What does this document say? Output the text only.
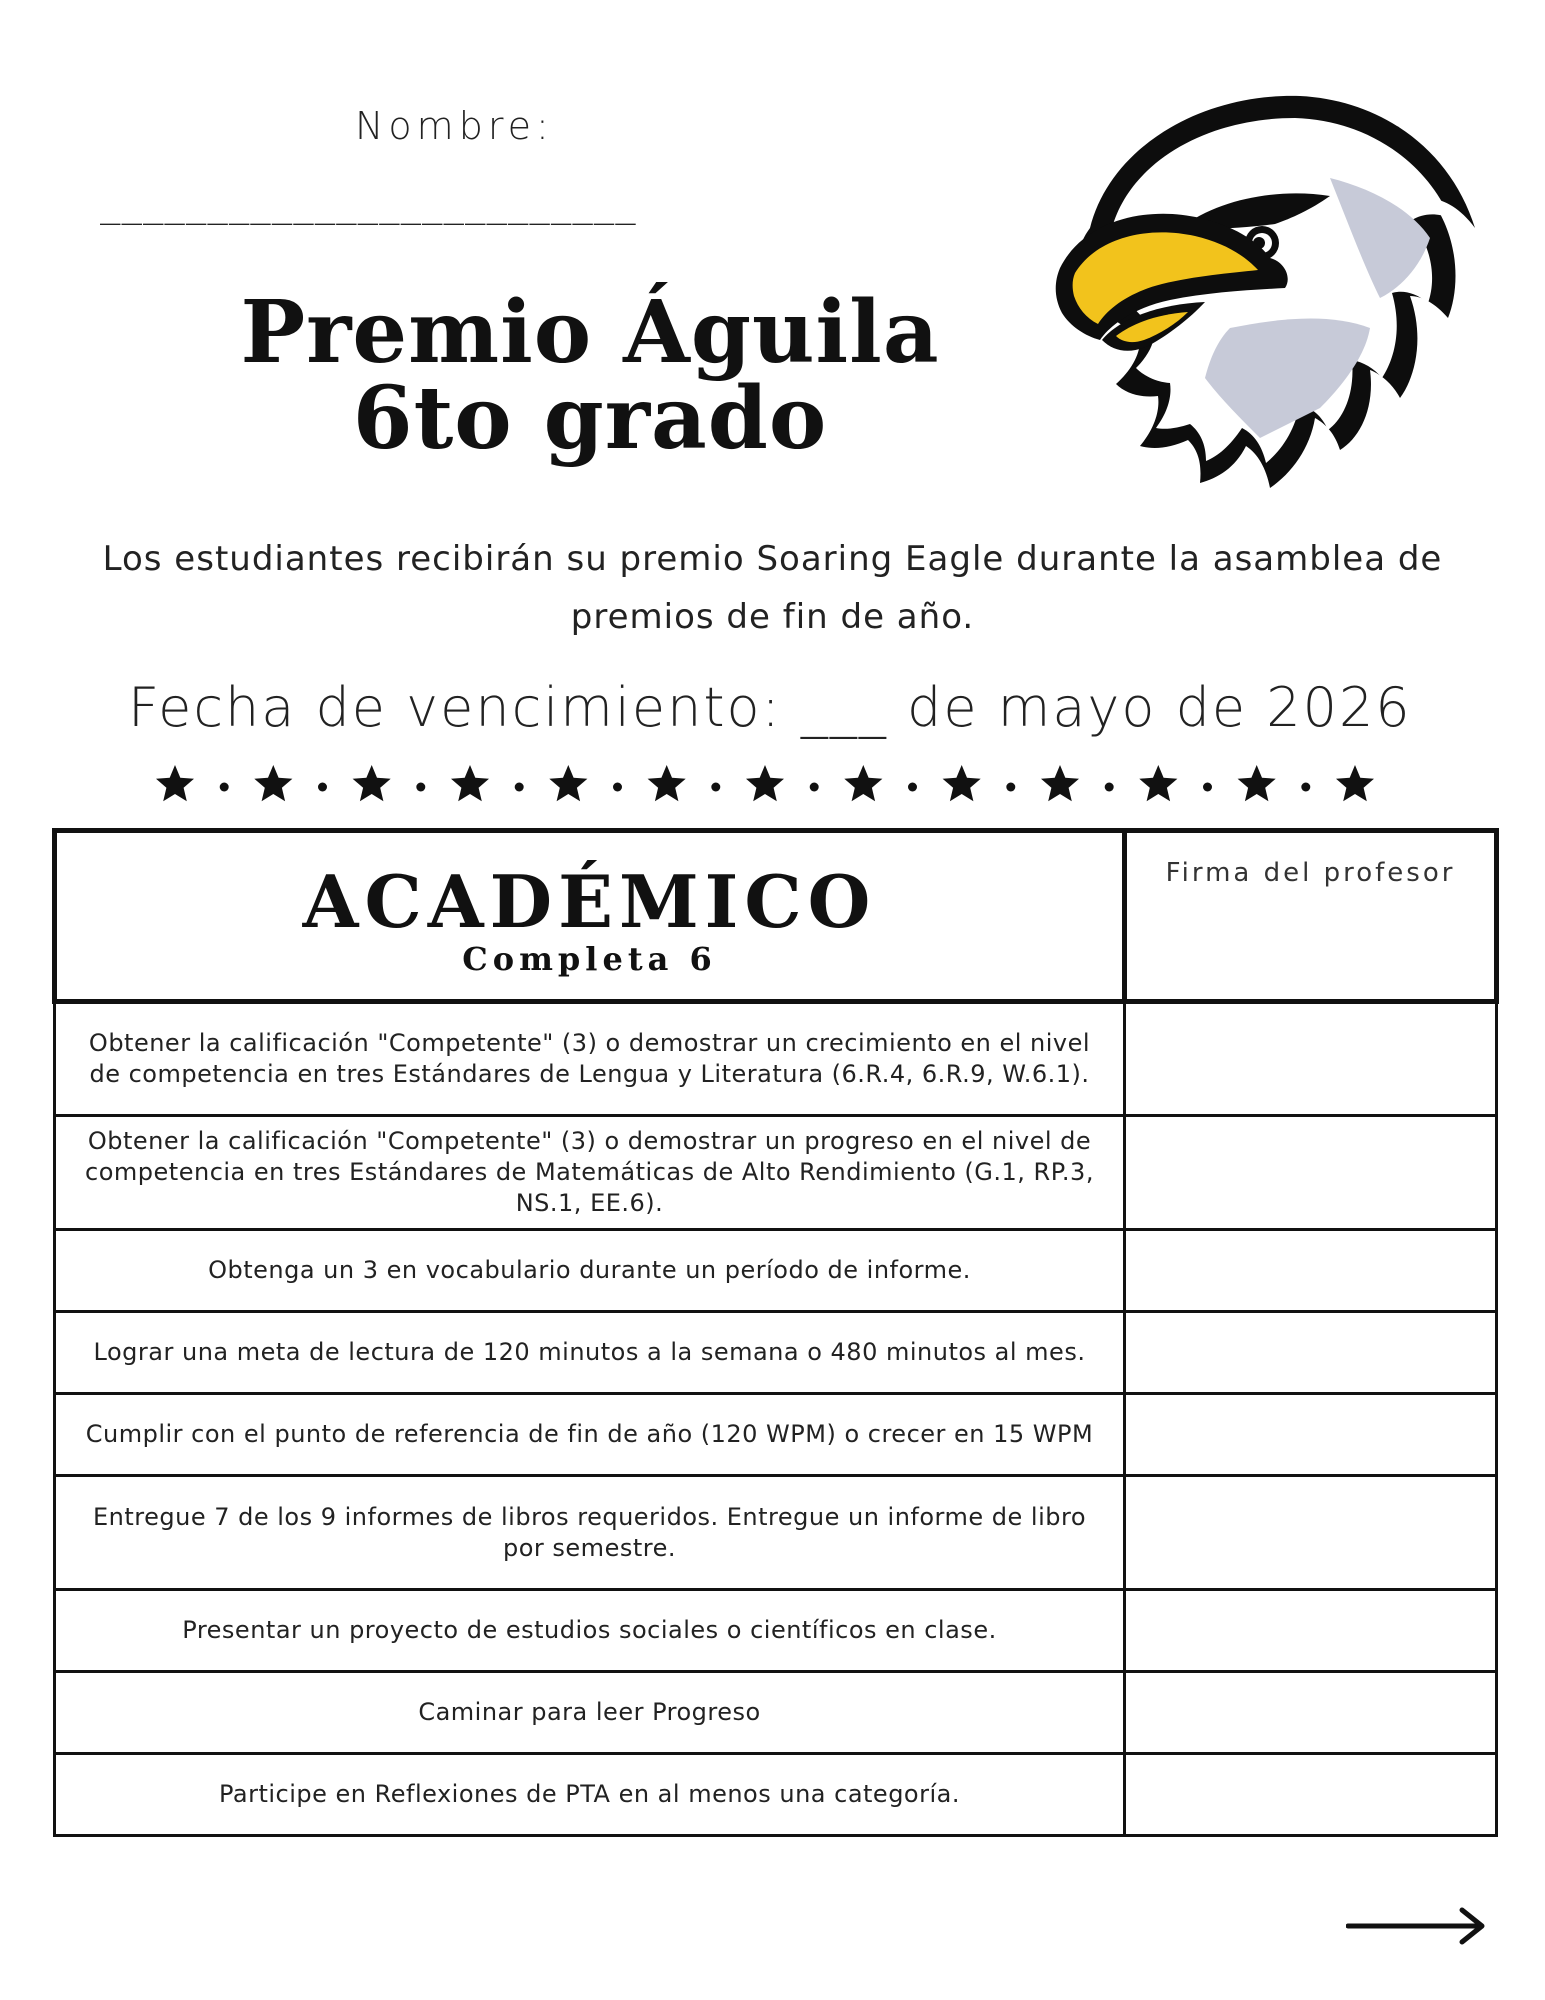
Nombre:
_________________________
Premio Águila
6to grado
Los estudiantes recibirán su premio Soaring Eagle durante la asamblea de premios de fin de año.
Fecha de vencimiento: ___ de mayo de 2026
ACADÉMICO
Completa 6	Firma del profesor

Obtener la calificación "Competente" (3) o demostrar un crecimiento en el nivel de competencia en tres Estándares de Lengua y Literatura (6.R.4, 6.R.9, W.6.1).	
Obtener la calificación "Competente" (3) o demostrar un progreso en el nivel de competencia en tres Estándares de Matemáticas de Alto Rendimiento (G.1, RP.3, NS.1, EE.6).	
Obtenga un 3 en vocabulario durante un período de informe.	
Lograr una meta de lectura de 120 minutos a la semana o 480 minutos al mes.	
Cumplir con el punto de referencia de fin de año (120 WPM) o crecer en 15 WPM	
Entregue 7 de los 9 informes de libros requeridos. Entregue un informe de libro por semestre.	
Presentar un proyecto de estudios sociales o científicos en clase.	
Caminar para leer Progreso	
Participe en Reflexiones de PTA en al menos una categoría.	
